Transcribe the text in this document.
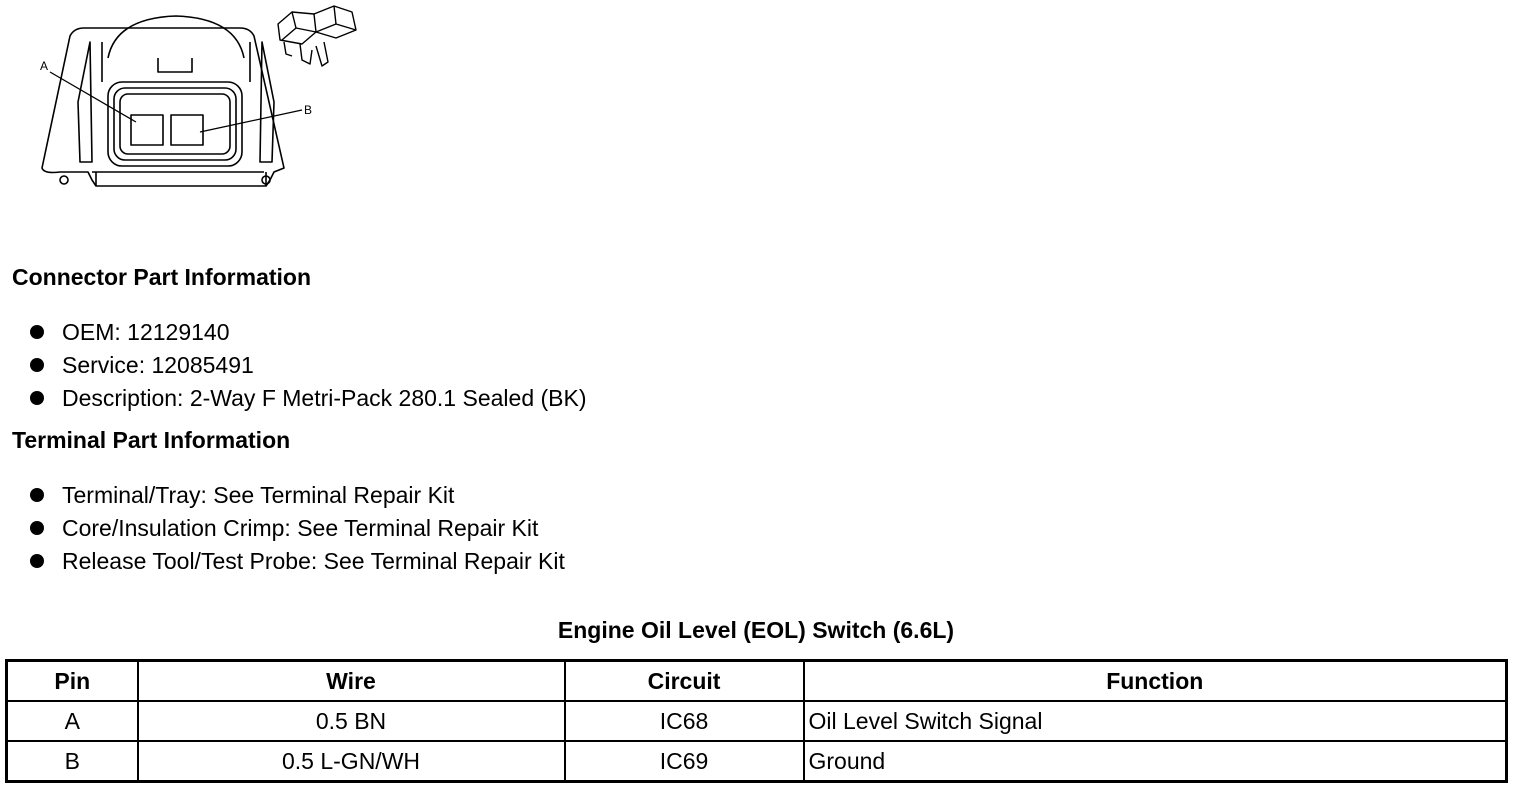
A
B
Connector Part Information
OEM: 12129140
Service: 12085491
Description: 2-Way F Metri-Pack 280.1 Sealed (BK)
Terminal Part Information
Terminal/Tray: See Terminal Repair Kit
Core/Insulation Crimp: See Terminal Repair Kit
Release Tool/Test Probe: See Terminal Repair Kit
Engine Oil Level (EOL) Switch (6.6L)
Pin	Wire	Circuit	Function
A	0.5 BN	IC68	Oil Level Switch Signal
B	0.5 L-GN/WH	IC69	Ground
